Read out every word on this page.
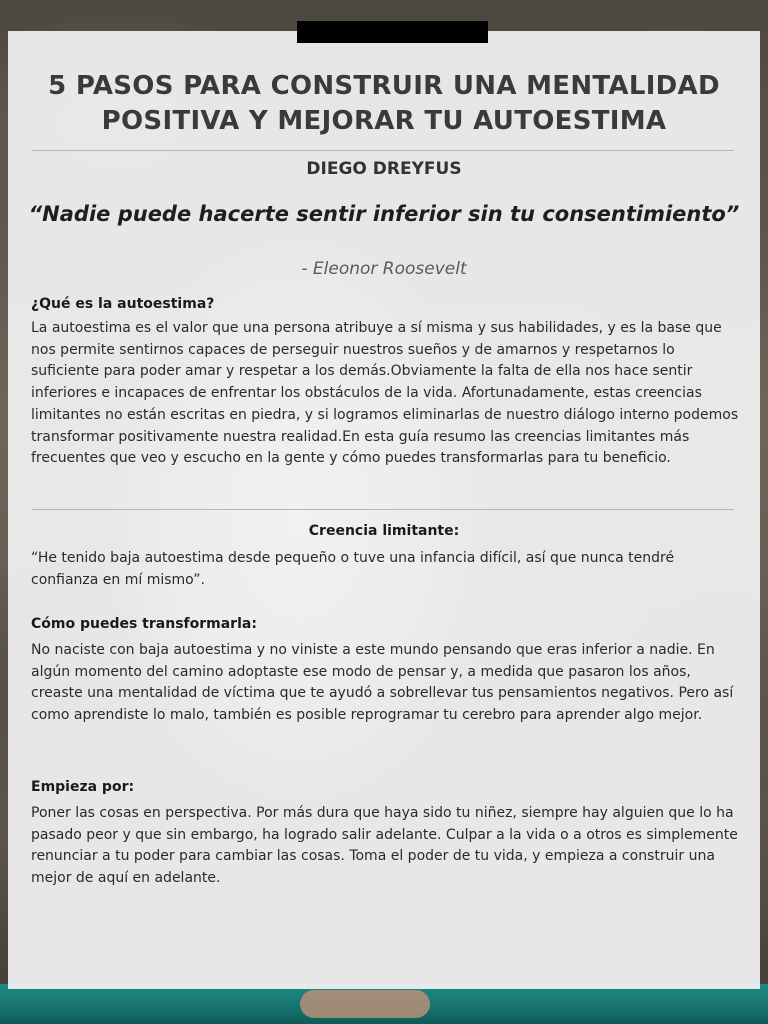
5 PASOS PARA CONSTRUIR UNA MENTALIDAD POSITIVA Y MEJORAR TU AUTOESTIMA
DIEGO DREYFUS

“Nadie puede hacerte sentir inferior sin tu consentimiento”

- Eleonor Roosevelt
¿Qué es la autoestima?

La autoestima es el valor que una persona atribuye a sí misma y sus habilidades, y es la base que nos permite sentirnos capaces de perseguir nuestros sueños y de amarnos y respetarnos lo suficiente para poder amar y respetar a los demás.Obviamente la falta de ella nos hace sentir inferiores e incapaces de enfrentar los obstáculos de la vida. Afortunadamente, estas creencias limitantes no están escritas en piedra, y si logramos eliminarlas de nuestro diálogo interno podemos transformar positivamente nuestra realidad.En esta guía resumo las creencias limitantes más frecuentes que veo y escucho en la gente y cómo puedes transformarlas para tu beneficio.

Creencia limitante:

“He tenido baja autoestima desde pequeño o tuve una infancia difícil, así que nunca tendré confianza en mí mismo”.

Cómo puedes transformarla:

No naciste con baja autoestima y no viniste a este mundo pensando que eras inferior a nadie. En algún momento del camino adoptaste ese modo de pensar y, a medida que pasaron los años, creaste una mentalidad de víctima que te ayudó a sobrellevar tus pensamientos negativos. Pero así como aprendiste lo malo, también es posible reprogramar tu cerebro para aprender algo mejor.

Empieza por:

Poner las cosas en perspectiva. Por más dura que haya sido tu niñez, siempre hay alguien que lo ha pasado peor y que sin embargo, ha logrado salir adelante. Culpar a la vida o a otros es simplemente renunciar a tu poder para cambiar las cosas. Toma el poder de tu vida, y empieza a construir una mejor de aquí en adelante.
